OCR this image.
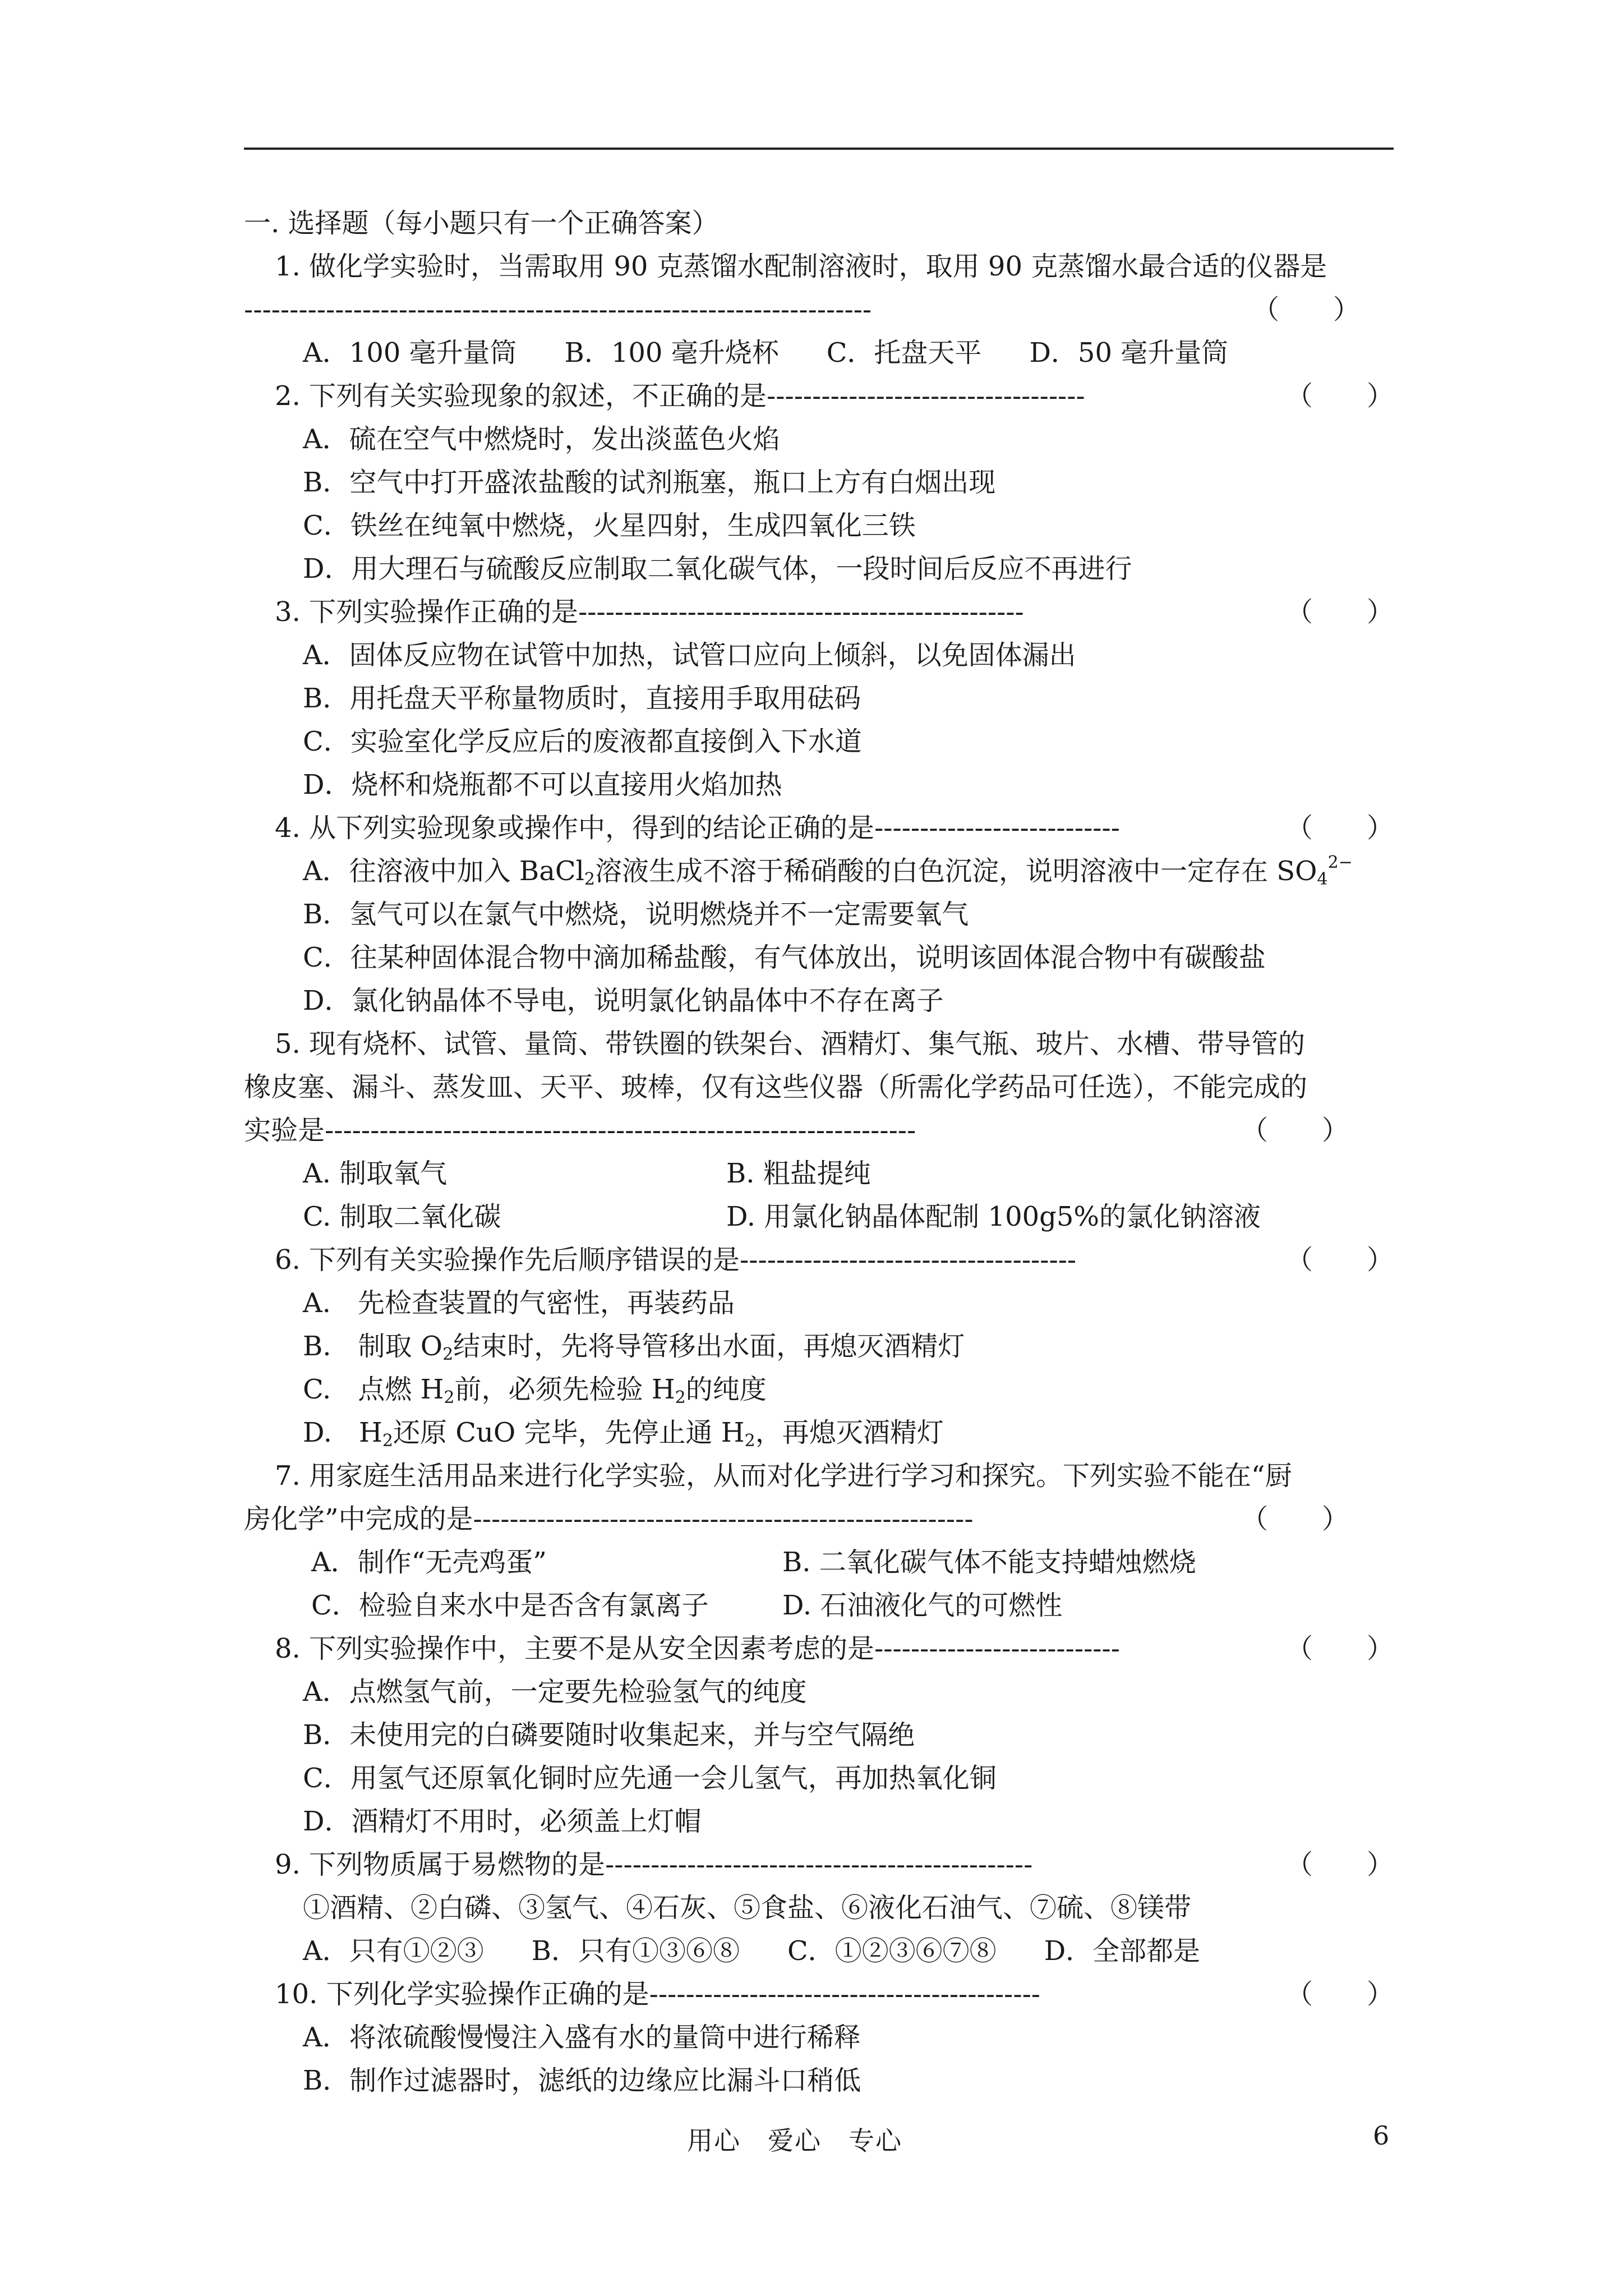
一. 选择题（每小题只有一个正确答案）
1. 做化学实验时，当需取用 90 克蒸馏水配制溶液时，取用 90 克蒸馏水最合适的仪器是
---------------------------------------------------------------------	（　　）
A．100 毫升量筒 B．100 毫升烧杯 C．托盘天平 D．50 毫升量筒
2. 下列有关实验现象的叙述，不正确的是-----------------------------------	（　　）
A．硫在空气中燃烧时，发出淡蓝色火焰
B．空气中打开盛浓盐酸的试剂瓶塞，瓶口上方有白烟出现
C．铁丝在纯氧中燃烧，火星四射，生成四氧化三铁
D．用大理石与硫酸反应制取二氧化碳气体，一段时间后反应不再进行
3. 下列实验操作正确的是-------------------------------------------------	（　　）
A．固体反应物在试管中加热，试管口应向上倾斜，以免固体漏出
B．用托盘天平称量物质时，直接用手取用砝码
C．实验室化学反应后的废液都直接倒入下水道
D．烧杯和烧瓶都不可以直接用火焰加热
4. 从下列实验现象或操作中，得到的结论正确的是---------------------------	（　　）
A．往溶液中加入 BaCl$_2$溶液生成不溶于稀硝酸的白色沉淀，说明溶液中一定存在 $SO_4^{2-}$
B．氢气可以在氯气中燃烧，说明燃烧并不一定需要氧气
C．往某种固体混合物中滴加稀盐酸，有气体放出，说明该固体混合物中有碳酸盐
D．氯化钠晶体不导电，说明氯化钠晶体中不存在离子
5. 现有烧杯、试管、量筒、带铁圈的铁架台、酒精灯、集气瓶、玻片、水槽、带导管的
橡皮塞、漏斗、蒸发皿、天平、玻棒，仅有这些仪器（所需化学药品可任选），不能完成的
实验是-----------------------------------------------------------------	（　　）
A. 制取氧气	B. 粗盐提纯
C. 制取二氧化碳	D. 用氯化钠晶体配制 100g5%的氯化钠溶液
6. 下列有关实验操作先后顺序错误的是-------------------------------------	（　　）
A.　先检查装置的气密性，再装药品
B.　制取 $O_2$结束时，先将导管移出水面，再熄灭酒精灯
C.　点燃 $H_2$前，必须先检验 $H_2$的纯度
D.　$H_2$还原 CuO 完毕，先停止通 $H_2$，再熄灭酒精灯
7. 用家庭生活用品来进行化学实验，从而对化学进行学习和探究。下列实验不能在“厨
房化学”中完成的是-------------------------------------------------------	（　　）
A．制作“无壳鸡蛋”	B. 二氧化碳气体不能支持蜡烛燃烧
C．检验自来水中是否含有氯离子	D. 石油液化气的可燃性
8. 下列实验操作中，主要不是从安全因素考虑的是---------------------------	（　　）
A．点燃氢气前，一定要先检验氢气的纯度
B．未使用完的白磷要随时收集起来，并与空气隔绝
C．用氢气还原氧化铜时应先通一会儿氢气，再加热氧化铜
D．酒精灯不用时，必须盖上灯帽
9. 下列物质属于易燃物的是-----------------------------------------------	（　　）
①酒精、②白磷、③氢气、④石灰、⑤食盐、⑥液化石油气、⑦硫、⑧镁带
A．只有①②③ B．只有①③⑥⑧ C．①②③⑥⑦⑧ D．全部都是
10. 下列化学实验操作正确的是-------------------------------------------	（　　）
A．将浓硫酸慢慢注入盛有水的量筒中进行稀释
B．制作过滤器时，滤纸的边缘应比漏斗口稍低
用心　爱心　专心	6
